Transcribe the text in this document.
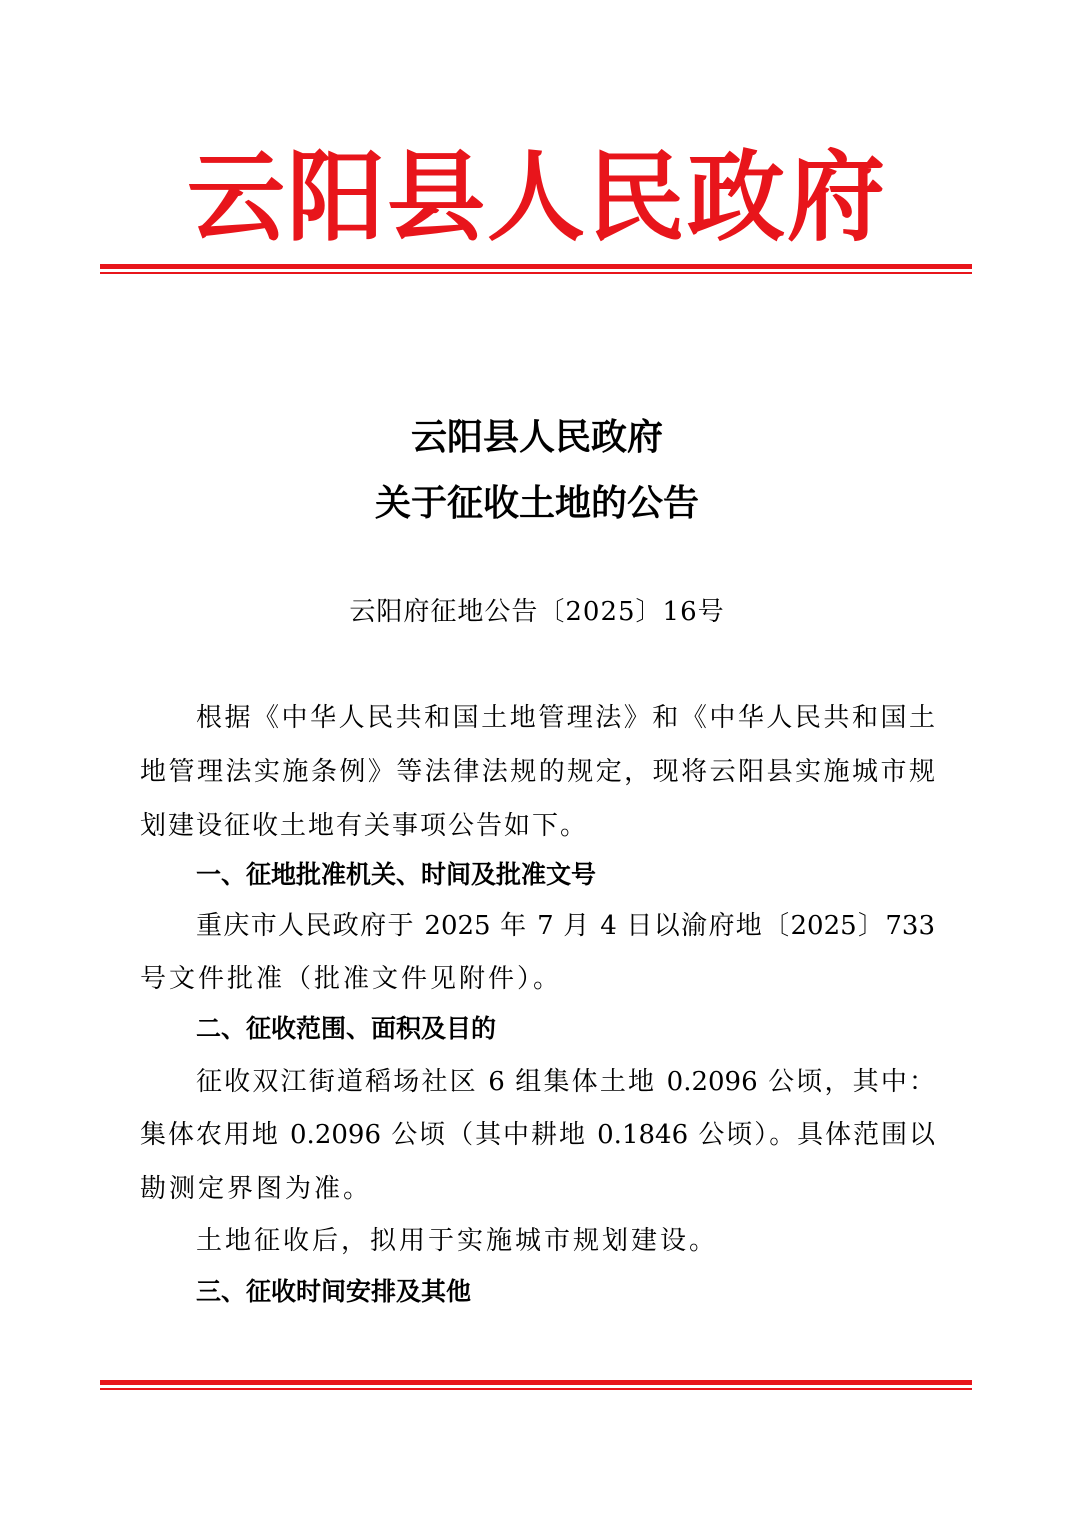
云阳县人民政府
云阳县人民政府
关于征收土地的公告
云阳府征地公告〔2025〕16号
根据《中华人民共和国土地管理法》和《中华人民共和国土
地管理法实施条例》等法律法规的规定，现将云阳县实施城市规
划建设征收土地有关事项公告如下。
一、征地批准机关、时间及批准文号
重庆市人民政府于 2025 年 7 月 4 日以渝府地〔2025〕733
号文件批准（批准文件见附件）。
二、征收范围、面积及目的
征收双江街道稻场社区 6 组集体土地 0.2096 公顷，其中：
集体农用地 0.2096 公顷（其中耕地 0.1846 公顷）。具体范围以
勘测定界图为准。
土地征收后，拟用于实施城市规划建设。
三、征收时间安排及其他
